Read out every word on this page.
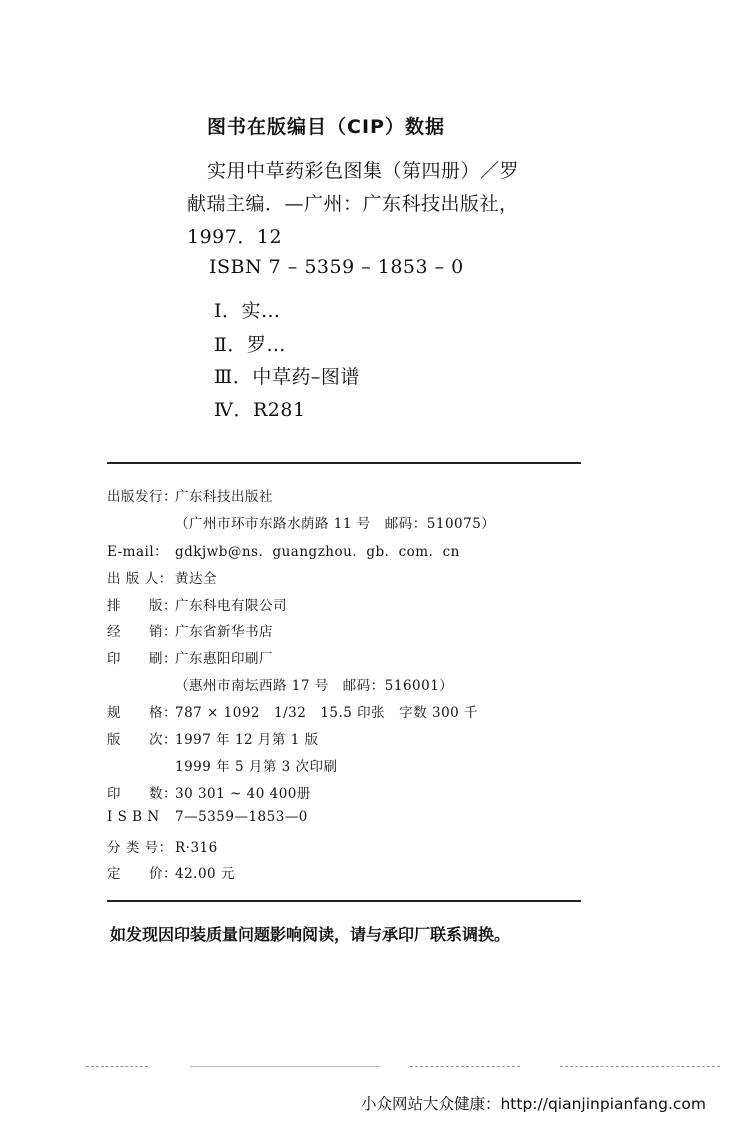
图书在版编目（CIP）数据
实用中草药彩色图集（第四册）／罗
献瑞主编．—广州：广东科技出版社，
1997．12
ISBN 7 – 5359 – 1853 – 0
Ⅰ．实…
Ⅱ．罗…
Ⅲ．中草药–图谱
Ⅳ．R281
出版发行：广东科技出版社
（广州市环市东路水荫路 11 号　邮码：510075）
E-mail： gdkjwb@ns．guangzhou．gb．com．cn
出 版 人： 黄达全
排　　版：广东科电有限公司
经　　销：广东省新华书店
印　　刷：广东惠阳印刷厂
（惠州市南坛西路 17 号　邮码：516001）
规　　格：787 × 1092　1/32　15.5 印张　字数 300 千
版　　次：1997 年 12 月第 1 版
1999 年 5 月第 3 次印刷
印　　数：30 301 ~ 40 400册
I S B N7—5359—1853—0
分 类 号： R·316
定　　价：42.00 元
如发现因印装质量问题影响阅读，请与承印厂联系调换。
小众网站大众健康：http://qianjinpianfang.com
